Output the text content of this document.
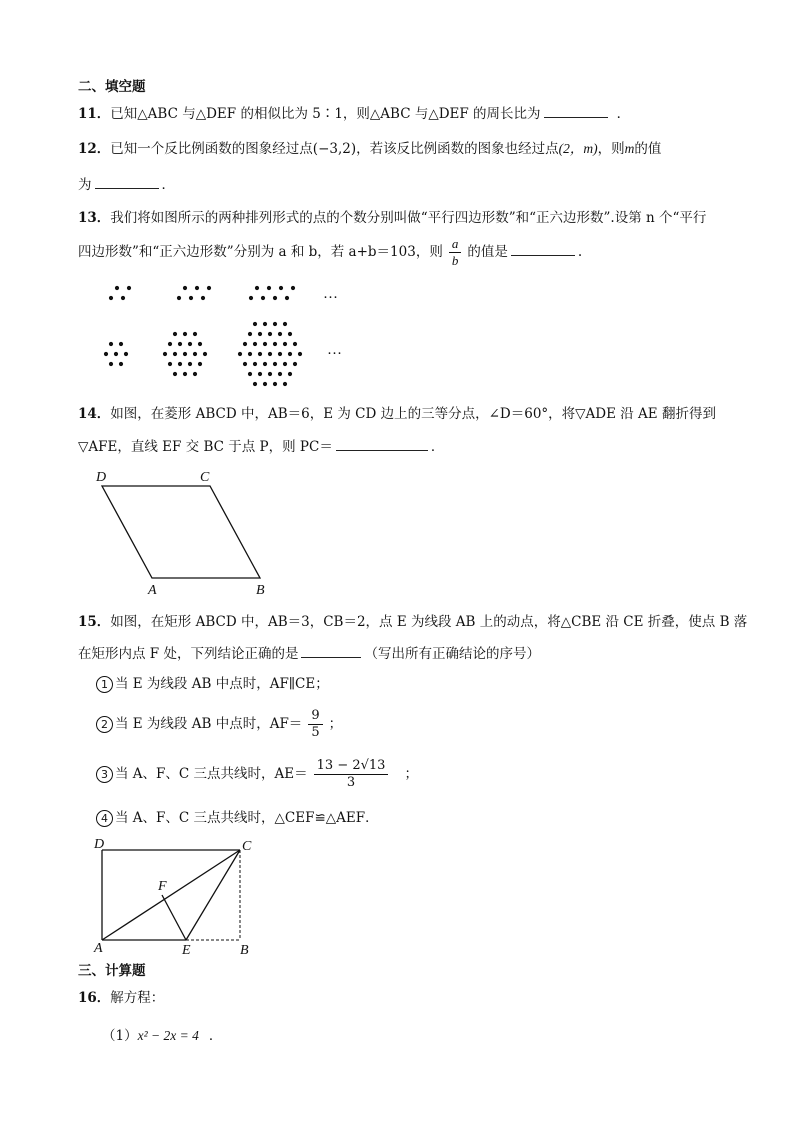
二、填空题
11．已知△ABC 与△DEF 的相似比为 5∶1，则△ABC 与△DEF 的周长比为	．
12．已知一个反比例函数的图象经过点(−3,2)，若该反比例函数的图象也经过点(2，m)，则m的值
为	．
13．我们将如图所示的两种排列形式的点的个数分别叫做“平行四边形数”和“正六边形数”.设第 n 个“平行
四边形数”和“正六边形数”分别为 a 和 b，若 a+b＝103，则 $\frac{a}{b}$ 的值是	.
···
···
14．如图，在菱形 ABCD 中，AB＝6，E 为 CD 边上的三等分点，∠D＝60°，将▽ADE 沿 AE 翻折得到
▽AFE，直线 EF 交 BC 于点 P，则 PC＝	．
D	C
A	B
15．如图，在矩形 ABCD 中，AB＝3，CB＝2，点 E 为线段 AB 上的动点，将△CBE 沿 CE 折叠，使点 B 落
在矩形内点 F 处，下列结论正确的是	（写出所有正确结论的序号）
1 当 E 为线段 AB 中点时，AF∥CE；
2 当 E 为线段 AB 中点时，$AF= \frac{9}{5}$ ；
3 当 A、F、C 三点共线时，$AE= \frac{13 - 2√13}{3}$ ；
4 当 A、F、C 三点共线时，△CEF≌△AEF．
D	C
F
A	E	B
三、计算题
16．解方程：
（1）x² − 2x = 4 ．
